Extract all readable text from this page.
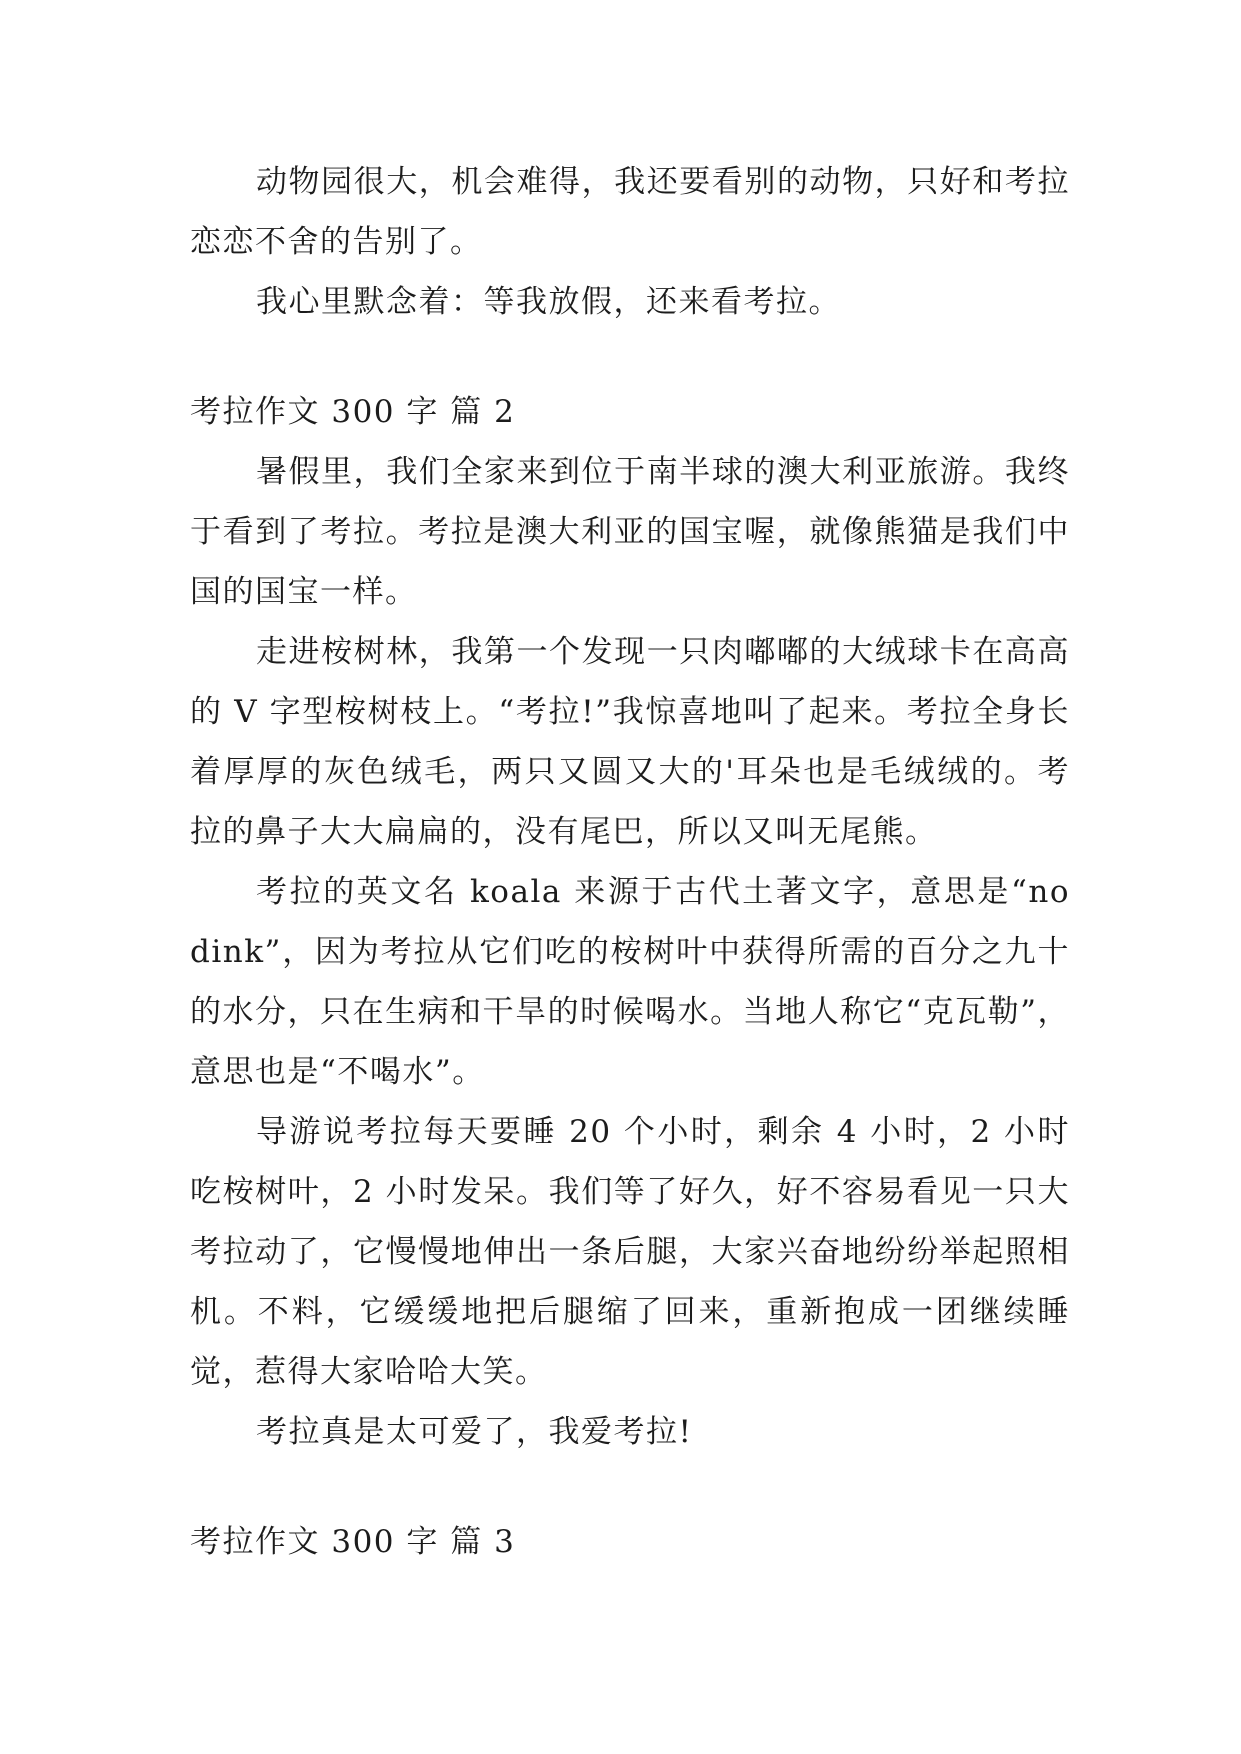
动物园很大，机会难得，我还要看别的动物，只好和考拉恋恋不舍的告别了。

我心里默念着：等我放假，还来看考拉。

考拉作文 300 字 篇 2

暑假里，我们全家来到位于南半球的澳大利亚旅游。我终于看到了考拉。考拉是澳大利亚的国宝喔，就像熊猫是我们中国的国宝一样。

走进桉树林，我第一个发现一只肉嘟嘟的大绒球卡在高高的 V 字型桉树枝上。“考拉!”我惊喜地叫了起来。考拉全身长着厚厚的灰色绒毛，两只又圆又大的'耳朵也是毛绒绒的。考拉的鼻子大大扁扁的，没有尾巴，所以又叫无尾熊。

考拉的英文名 koala 来源于古代土著文字，意思是“no dink”，因为考拉从它们吃的桉树叶中获得所需的百分之九十的水分，只在生病和干旱的时候喝水。当地人称它“克瓦勒”，意思也是“不喝水”。

导游说考拉每天要睡 20 个小时，剩余 4 小时，2 小时吃桉树叶，2 小时发呆。我们等了好久，好不容易看见一只大考拉动了，它慢慢地伸出一条后腿，大家兴奋地纷纷举起照相机。不料，它缓缓地把后腿缩了回来，重新抱成一团继续睡觉，惹得大家哈哈大笑。

考拉真是太可爱了，我爱考拉!

考拉作文 300 字 篇 3
